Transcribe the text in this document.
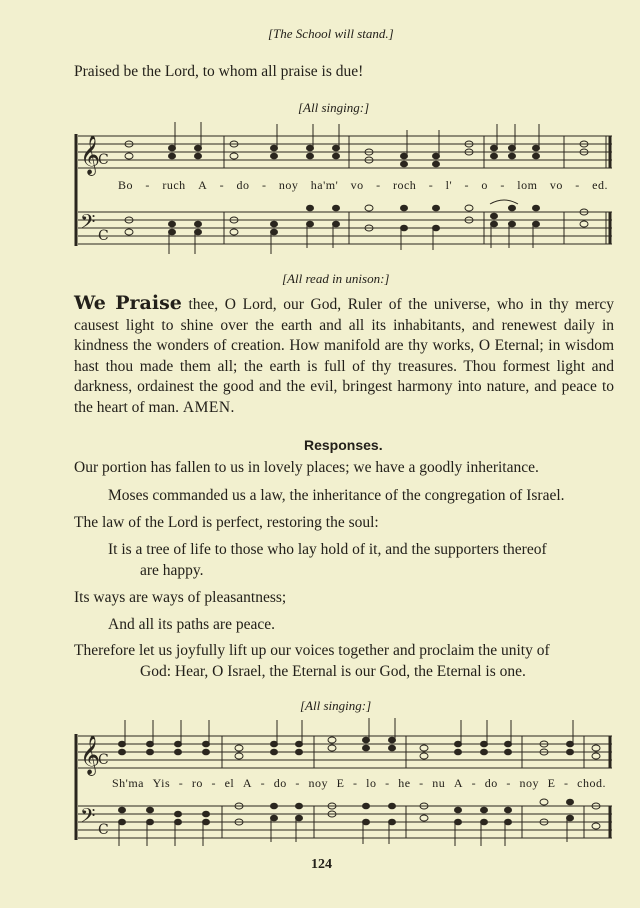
[The School will stand.]
Praised be the Lord, to whom all praise is due!
[All singing:]
𝄞
𝄢
C
C
Bo - ruch A - do - noy ha'm' vo - roch - l' - o - lom vo - ed.
[All read in unison:]
We Praise thee, O Lord, our God, Ruler of the universe, who in thy mercy causest light to shine over the earth and all its inhabitants, and renewest daily in kindness the wonders of creation. How manifold are thy works, O Eternal; in wisdom hast thou made them all; the earth is full of thy treasures. Thou formest light and darkness, ordainest the good and the evil, bringest harmony into nature, and peace to the heart of man. AMEN.
Responses.
Our portion has fallen to us in lovely places; we have a goodly inheritance.
Moses commanded us a law, the inheritance of the congregation of Israel.
The law of the Lord is perfect, restoring the soul:
It is a tree of life to those who lay hold of it, and the supporters thereof
are happy.
Its ways are ways of pleasantness;
And all its paths are peace.
Therefore let us joyfully lift up our voices together and proclaim the unity of
God: Hear, O Israel, the Eternal is our God, the Eternal is one.
[All singing:]
𝄞
𝄢
C
C
Sh'ma Yis - ro - el A - do - noy E - lo - he - nu A - do - noy E - chod.
124
